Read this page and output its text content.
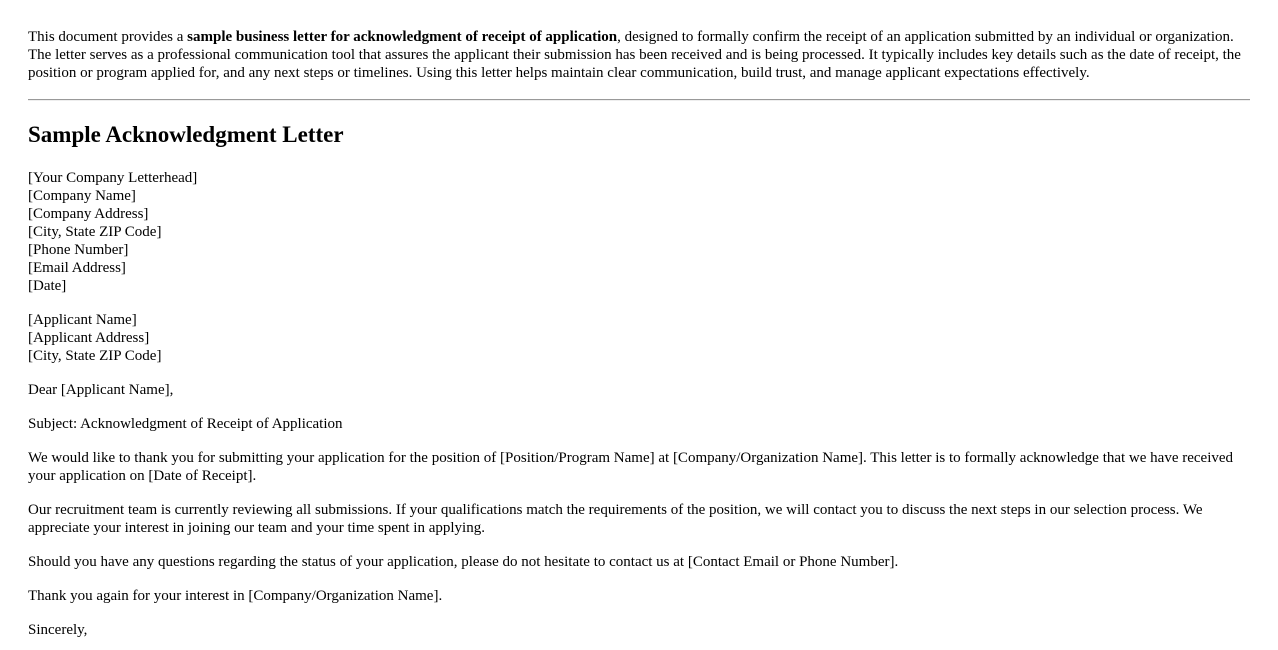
This document provides a sample business letter for acknowledgment of receipt of application, designed to formally confirm the receipt of an application submitted by an individual or organization. The letter serves as a professional communication tool that assures the applicant their submission has been received and is being processed. It typically includes key details such as the date of receipt, the position or program applied for, and any next steps or timelines. Using this letter helps maintain clear communication, build trust, and manage applicant expectations effectively.

Sample Acknowledgment Letter
[Your Company Letterhead]
[Company Name]
[Company Address]
[City, State ZIP Code]
[Phone Number]
[Email Address]
[Date]
[Applicant Name]
[Applicant Address]
[City, State ZIP Code]

Dear [Applicant Name],

Subject: Acknowledgment of Receipt of Application

We would like to thank you for submitting your application for the position of [Position/Program Name] at [Company/Organization Name]. This letter is to formally acknowledge that we have received your application on [Date of Receipt].

Our recruitment team is currently reviewing all submissions. If your qualifications match the requirements of the position, we will contact you to discuss the next steps in our selection process. We appreciate your interest in joining our team and your time spent in applying.

Should you have any questions regarding the status of your application, please do not hesitate to contact us at [Contact Email or Phone Number].

Thank you again for your interest in [Company/Organization Name].

Sincerely,
